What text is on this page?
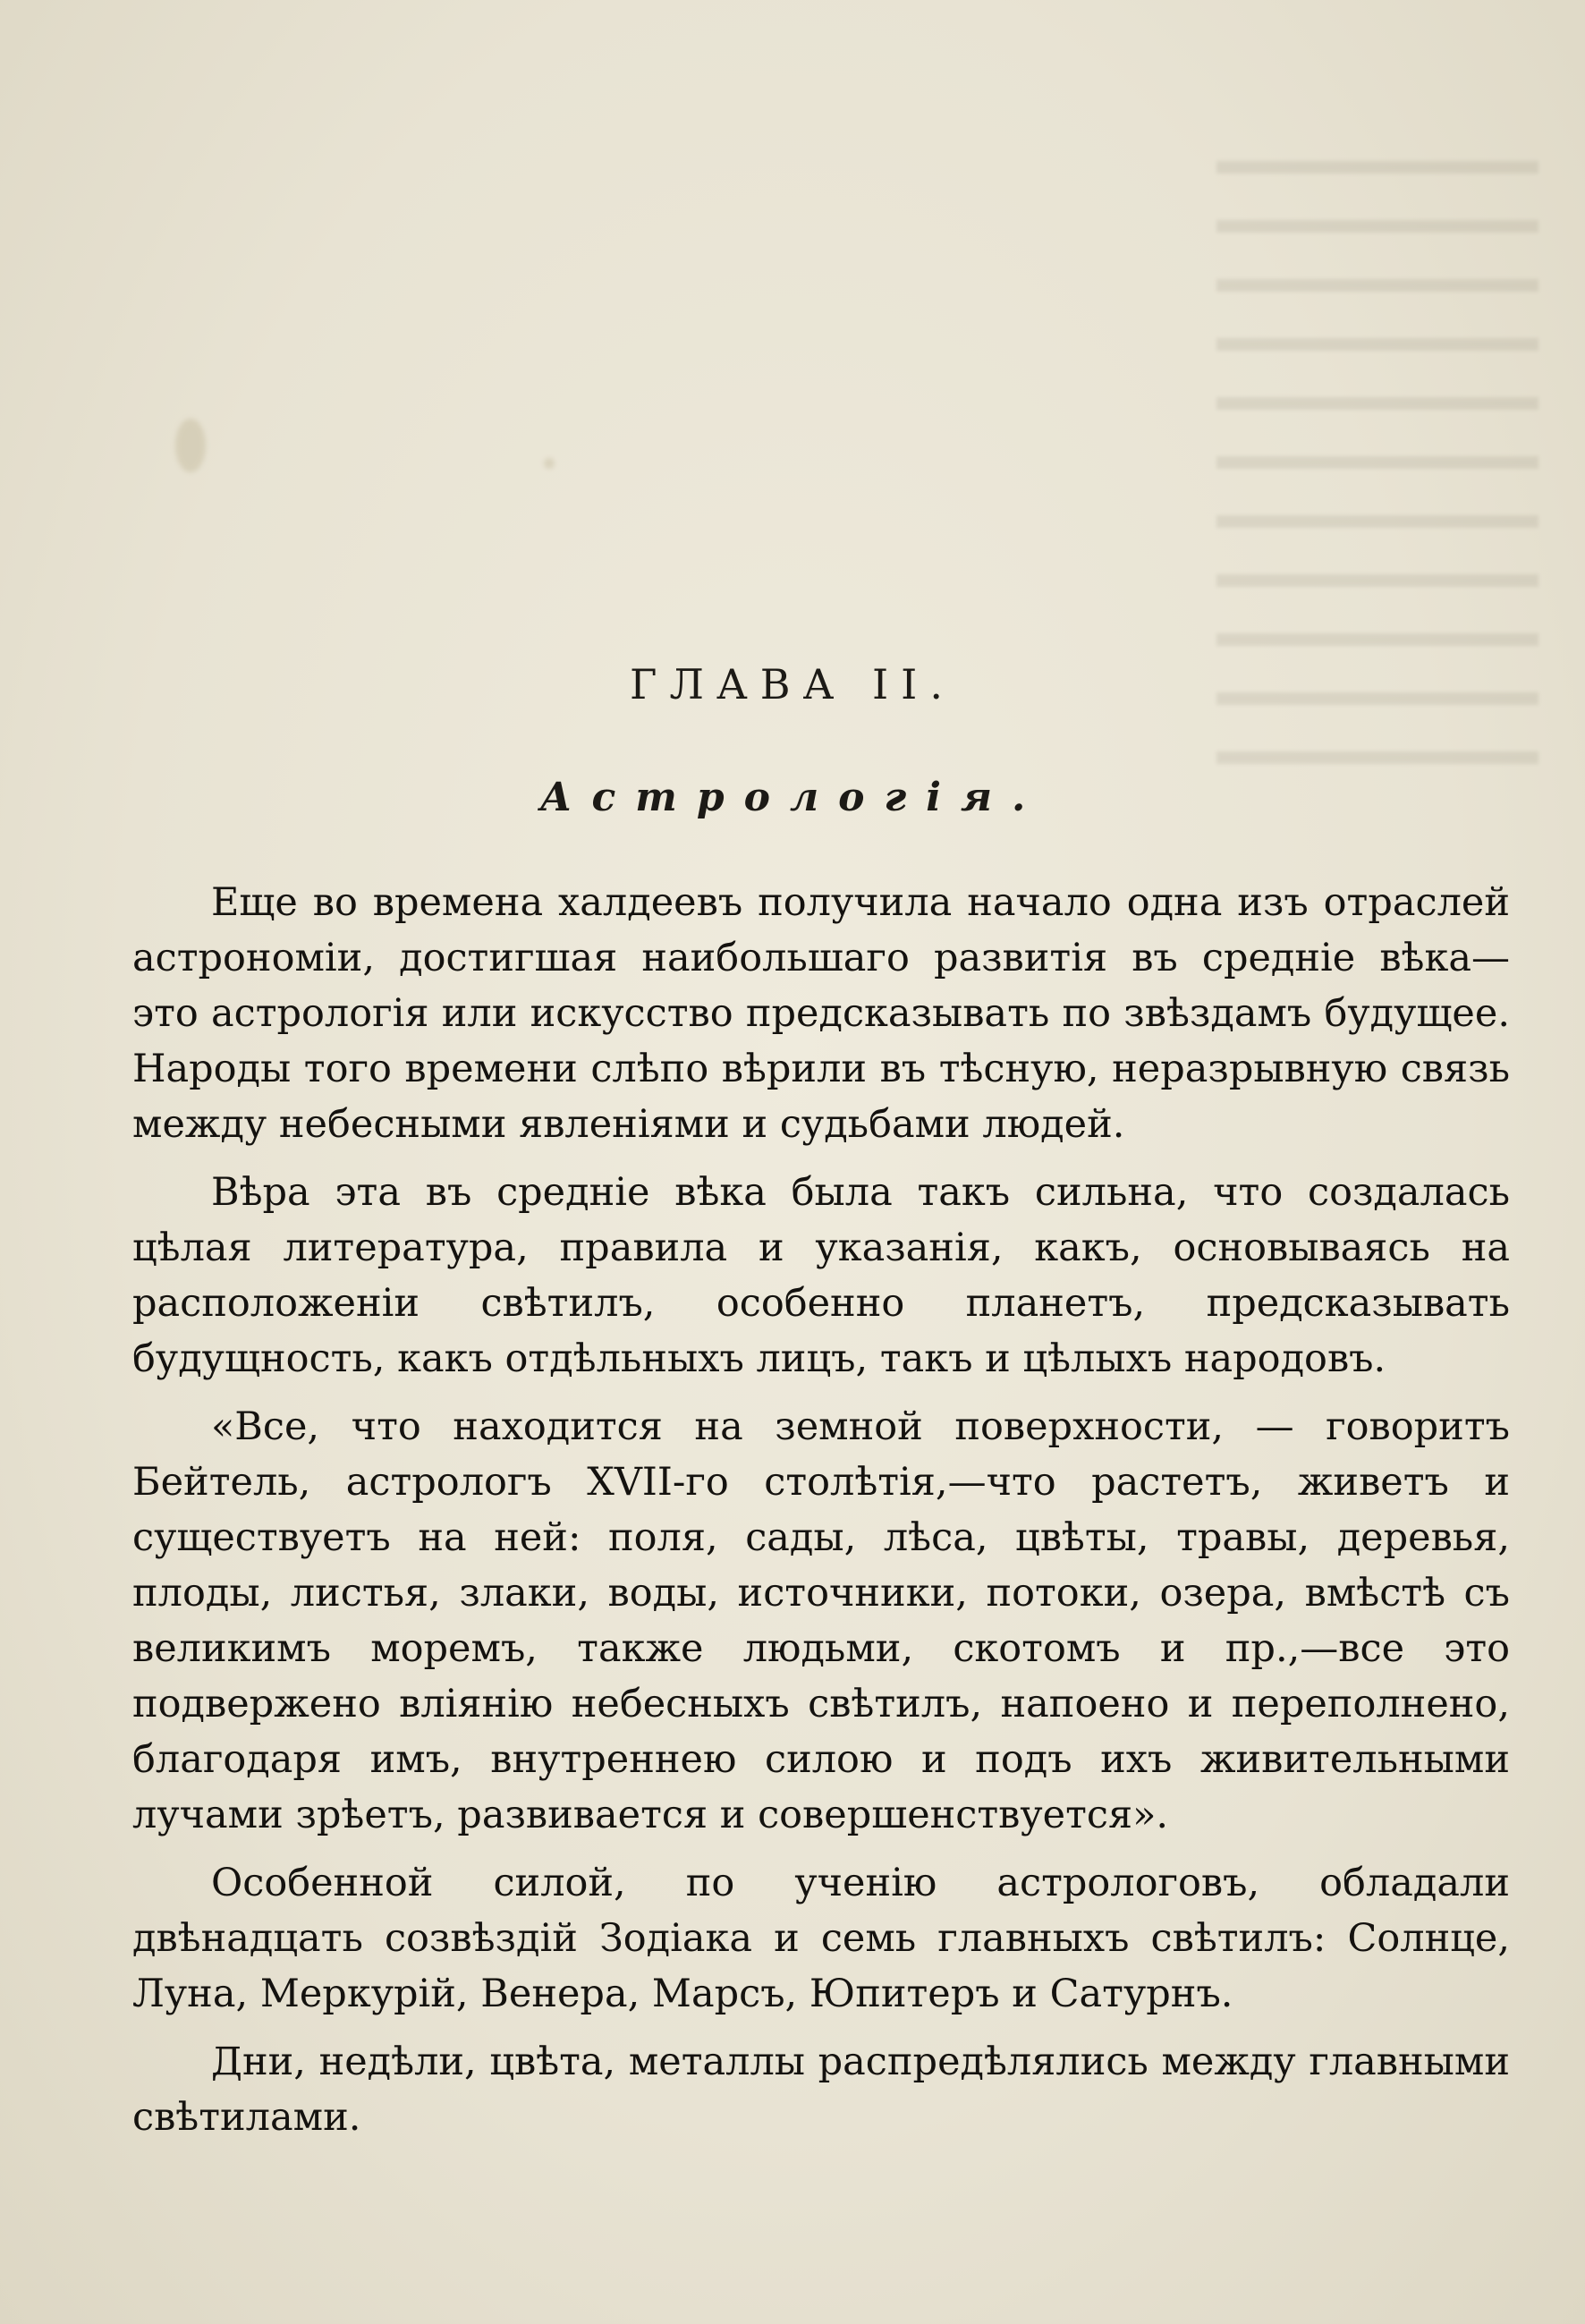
ГЛАВА II.
Астрологія.

Еще во времена халдеевъ получила начало одна изъ отраслей астрономіи, достигшая наибольшаго развитія въ средніе вѣка— это астрологія или искусство предсказывать по звѣздамъ будущее. Народы того времени слѣпо вѣрили въ тѣсную, неразрывную связь между небесными явленіями и судьбами людей.

Вѣра эта въ средніе вѣка была такъ сильна, что создалась цѣлая литература, правила и указанія, какъ, основываясь на расположеніи свѣтилъ, особенно планетъ, предсказывать будущность, какъ отдѣльныхъ лицъ, такъ и цѣлыхъ народовъ.

«Все, что находится на земной поверхности, — говоритъ Бейтель, астрологъ XVII-го столѣтія,—что растетъ, живетъ и существуетъ на ней: поля, сады, лѣса, цвѣты, травы, деревья, плоды, листья, злаки, воды, источники, потоки, озера, вмѣстѣ съ великимъ моремъ, также людьми, скотомъ и пр.,—все это подвержено вліянію небесныхъ свѣтилъ, напоено и переполнено, благодаря имъ, внутреннею силою и подъ ихъ живительными лучами зрѣетъ, развивается и совершенствуется».

Особенной силой, по ученію астрологовъ, обладали двѣнадцать созвѣздій Зодіака и семь главныхъ свѣтилъ: Солнце, Луна, Меркурій, Венера, Марсъ, Юпитеръ и Сатурнъ.

Дни, недѣли, цвѣта, металлы распредѣлялись между главными свѣтилами.
